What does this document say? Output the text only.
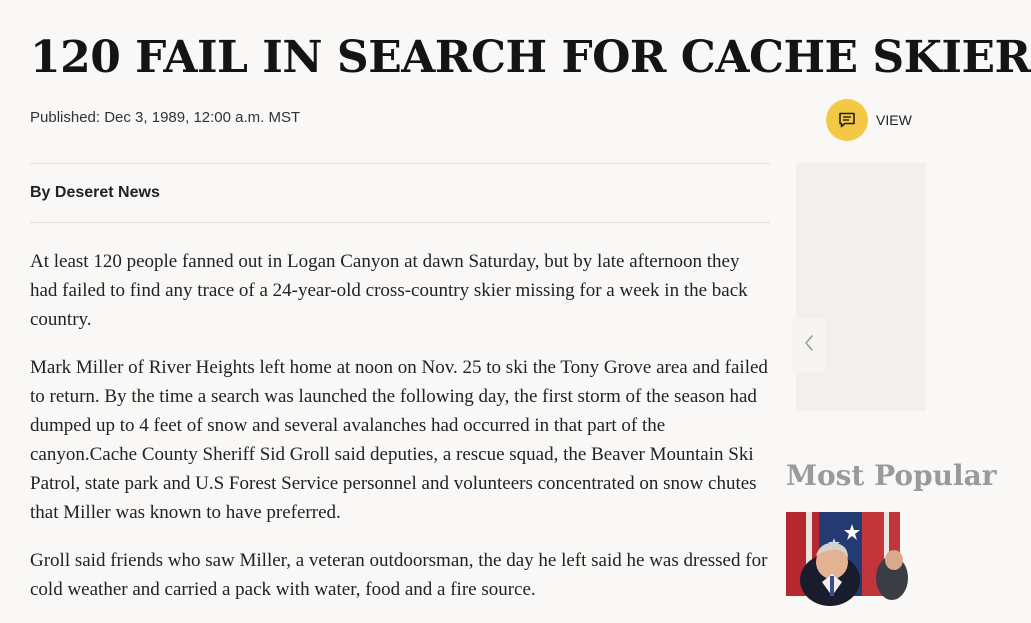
120 FAIL IN SEARCH FOR CACHE SKIER
Published: Dec 3, 1989, 12:00 a.m. MST	VIEW
By Deseret News

At least 120 people fanned out in Logan Canyon at dawn Saturday, but by late afternoon they had failed to find any trace of a 24-year-old cross-country skier missing for a week in the back country.

Mark Miller of River Heights left home at noon on Nov. 25 to ski the Tony Grove area and failed to return. By the time a search was launched the following day, the first storm of the season had dumped up to 4 feet of snow and several avalanches had occurred in that part of the canyon.Cache County Sheriff Sid Groll said deputies, a rescue squad, the Beaver Mountain Ski Patrol, state park and U.S Forest Service personnel and volunteers concentrated on snow chutes that Miller was known to have preferred.

Groll said friends who saw Miller, a veteran outdoorsman, the day he left said he was dressed for cold weather and carried a pack with water, food and a fire source.

Most Popular
